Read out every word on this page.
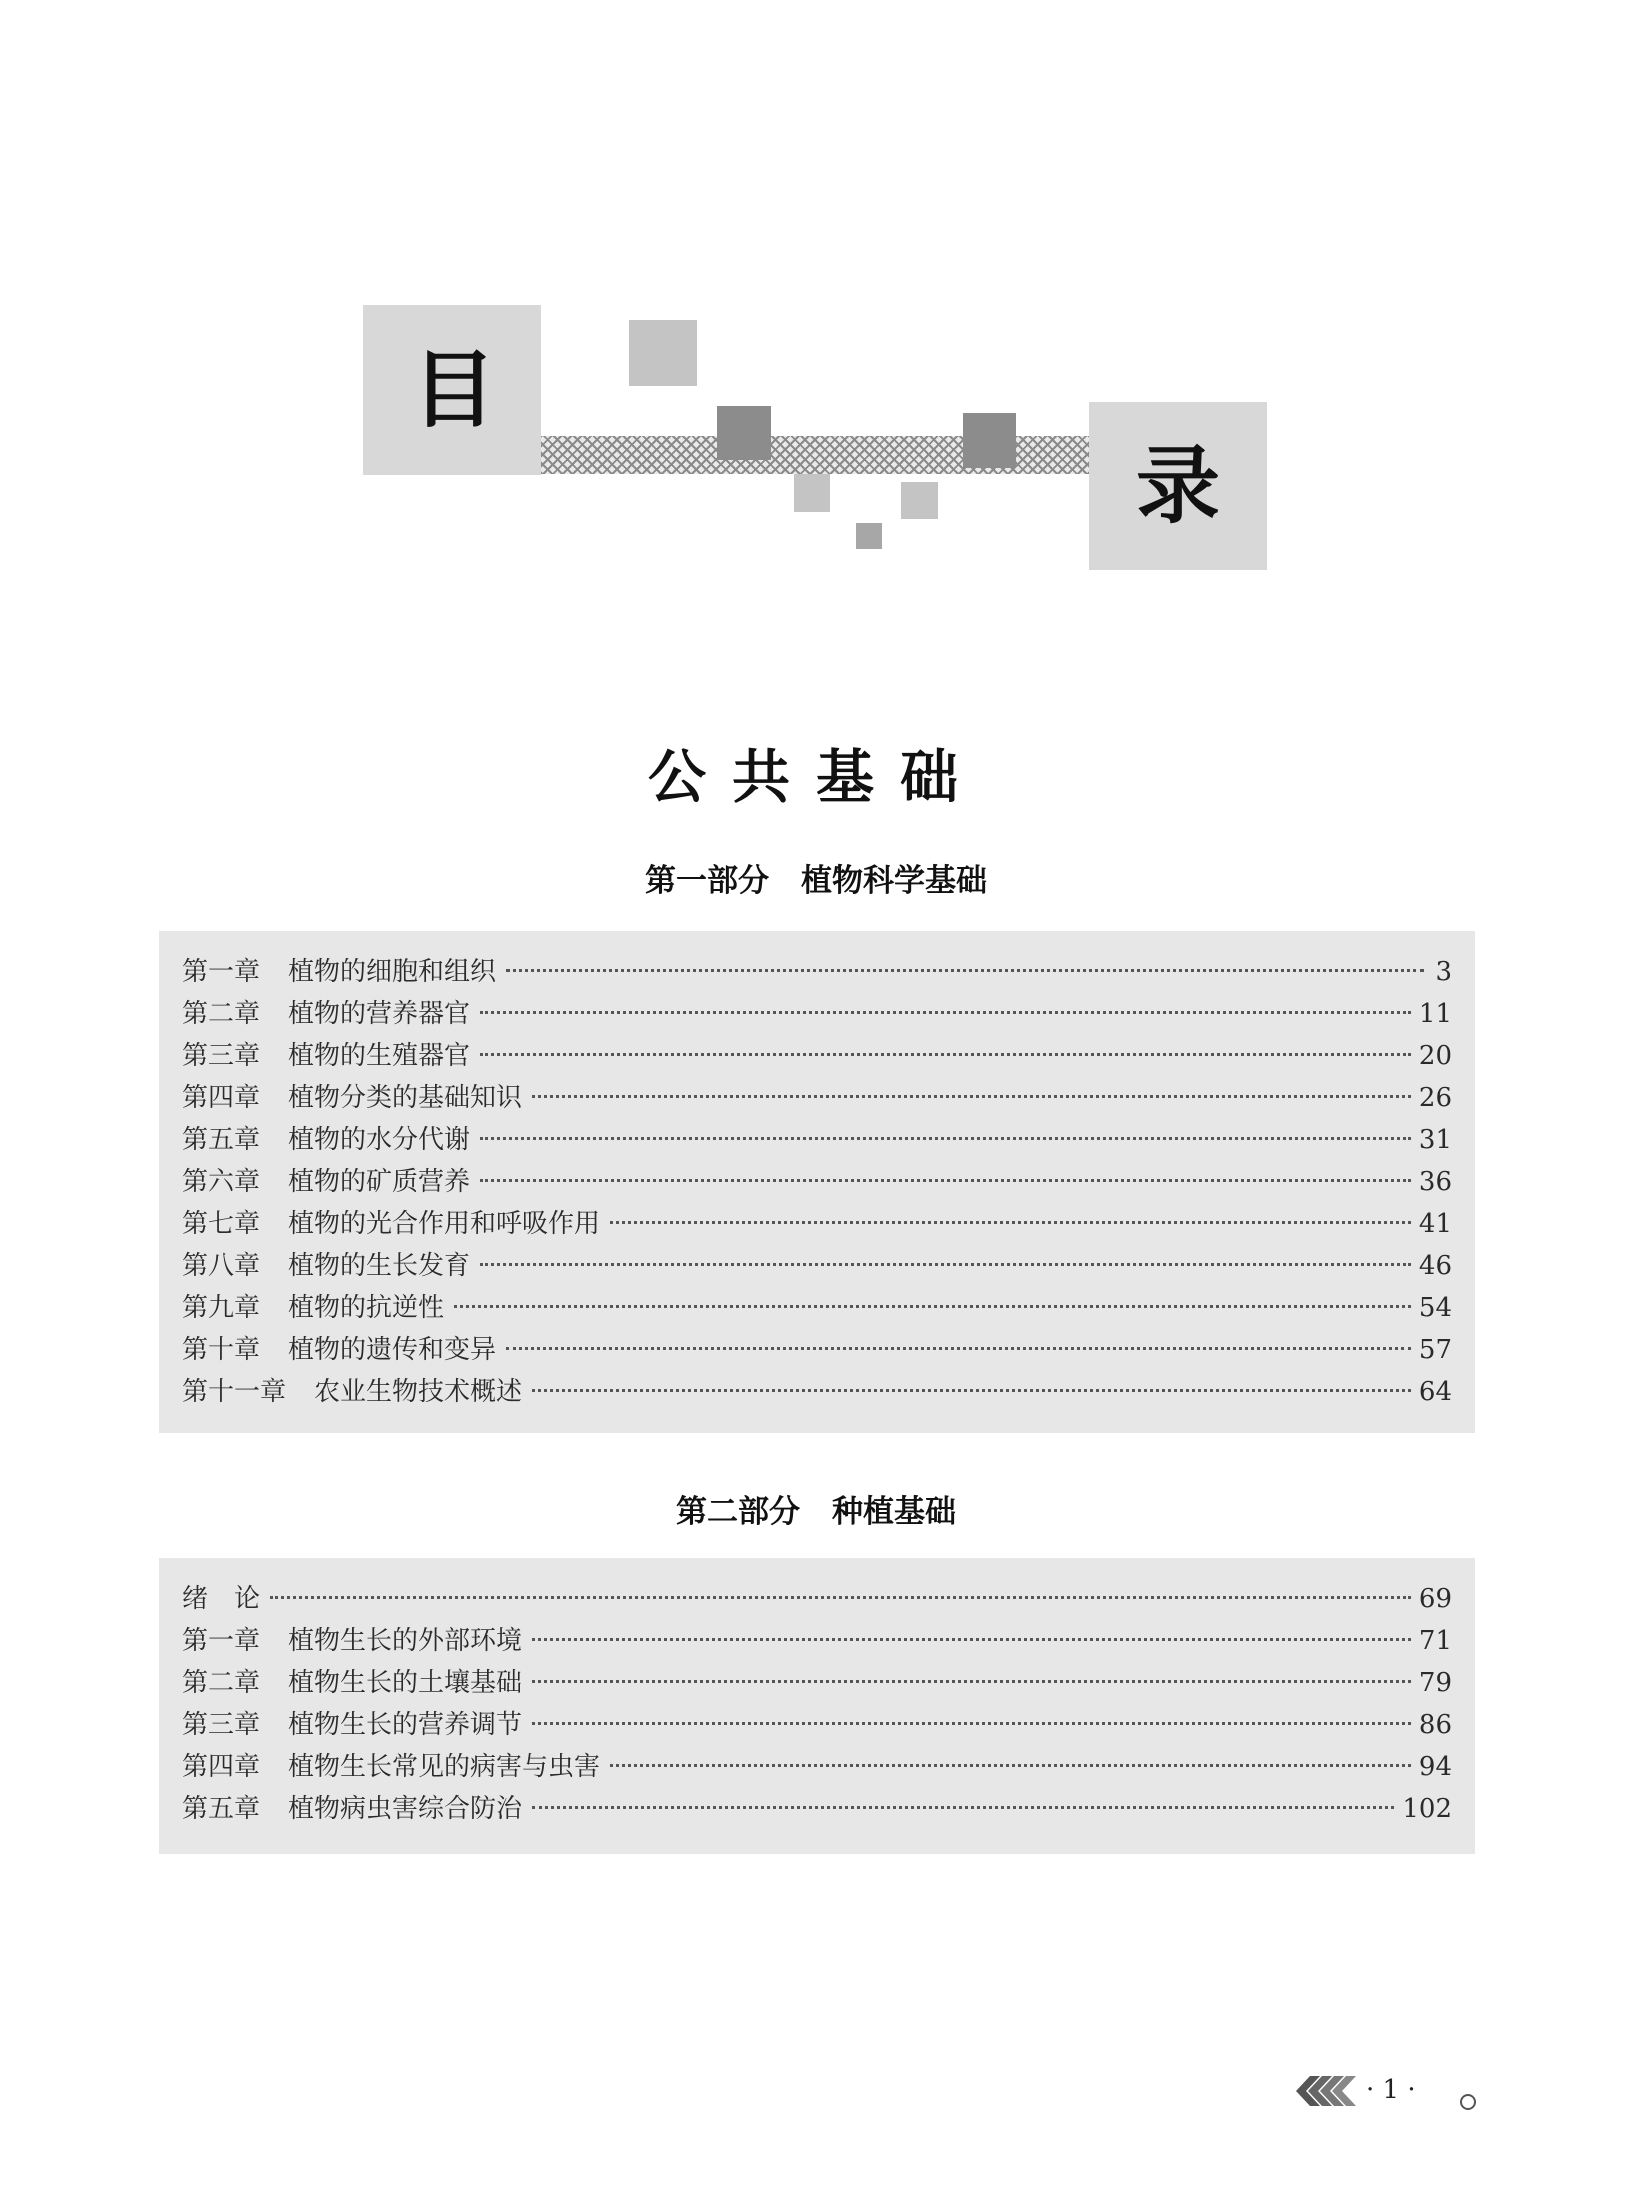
目
录
公共基础
第一部分 植物科学基础
第一章 植物的细胞和组织	3
第二章 植物的营养器官	11
第三章 植物的生殖器官	20
第四章 植物分类的基础知识	26
第五章 植物的水分代谢	31
第六章 植物的矿质营养	36
第七章 植物的光合作用和呼吸作用	41
第八章 植物的生长发育	46
第九章 植物的抗逆性	54
第十章 植物的遗传和变异	57
第十一章 农业生物技术概述	64
第二部分 种植基础
绪　论	69
第一章 植物生长的外部环境	71
第二章 植物生长的土壤基础	79
第三章 植物生长的营养调节	86
第四章 植物生长常见的病害与虫害	94
第五章 植物病虫害综合防治	102
· 1 ·
